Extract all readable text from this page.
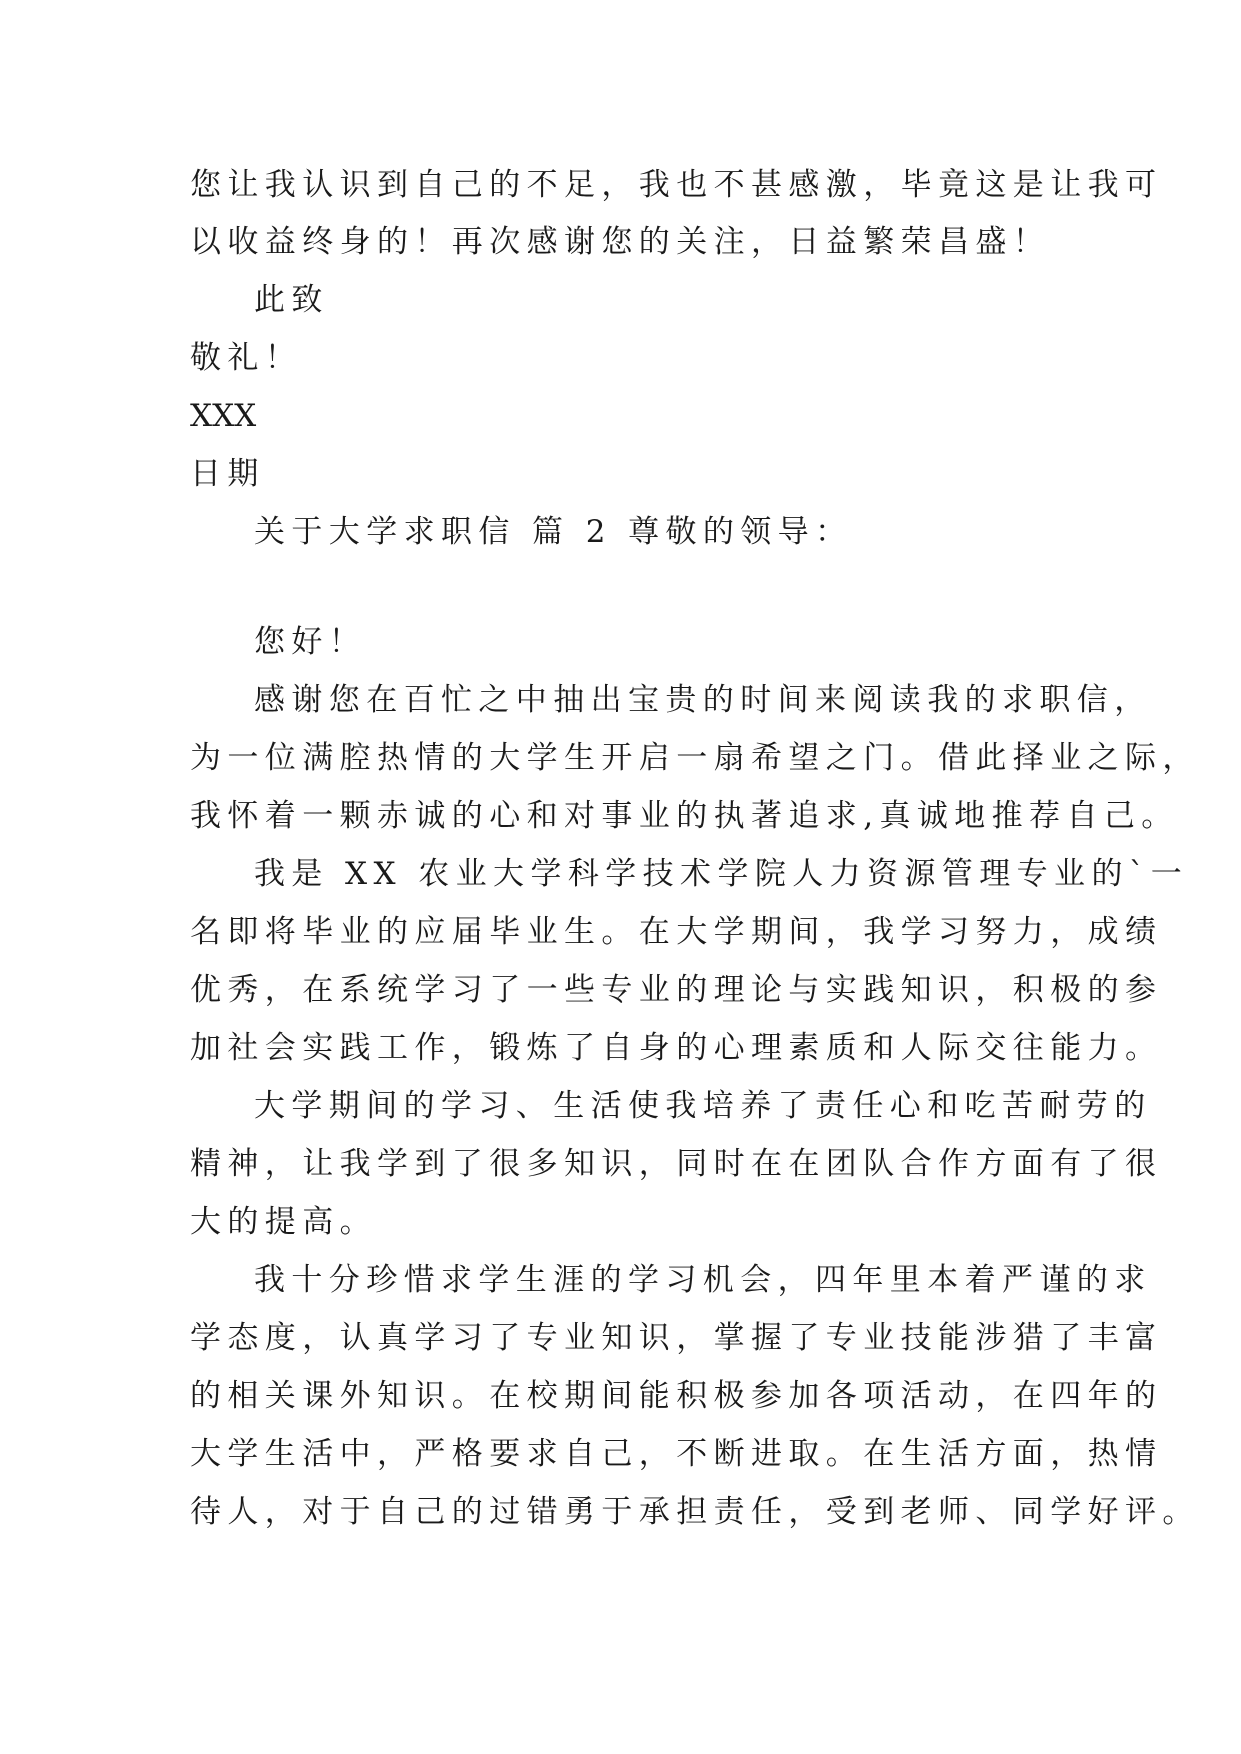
您让我认识到自己的不足，我也不甚感激，毕竟这是让我可
以收益终身的！再次感谢您的关注，日益繁荣昌盛！
此致
敬礼！
XXX
日期
关于大学求职信 篇 2 尊敬的领导：
您好！
感谢您在百忙之中抽出宝贵的时间来阅读我的求职信，
为一位满腔热情的大学生开启一扇希望之门。借此择业之际，
我怀着一颗赤诚的心和对事业的执著追求,真诚地推荐自己。
我是 XX 农业大学科学技术学院人力资源管理专业的`一
名即将毕业的应届毕业生。在大学期间，我学习努力，成绩
优秀，在系统学习了一些专业的理论与实践知识，积极的参
加社会实践工作，锻炼了自身的心理素质和人际交往能力。
大学期间的学习、生活使我培养了责任心和吃苦耐劳的
精神，让我学到了很多知识，同时在在团队合作方面有了很
大的提高。
我十分珍惜求学生涯的学习机会，四年里本着严谨的求
学态度，认真学习了专业知识，掌握了专业技能涉猎了丰富
的相关课外知识。在校期间能积极参加各项活动，在四年的
大学生活中，严格要求自己，不断进取。在生活方面，热情
待人，对于自己的过错勇于承担责任，受到老师、同学好评。
